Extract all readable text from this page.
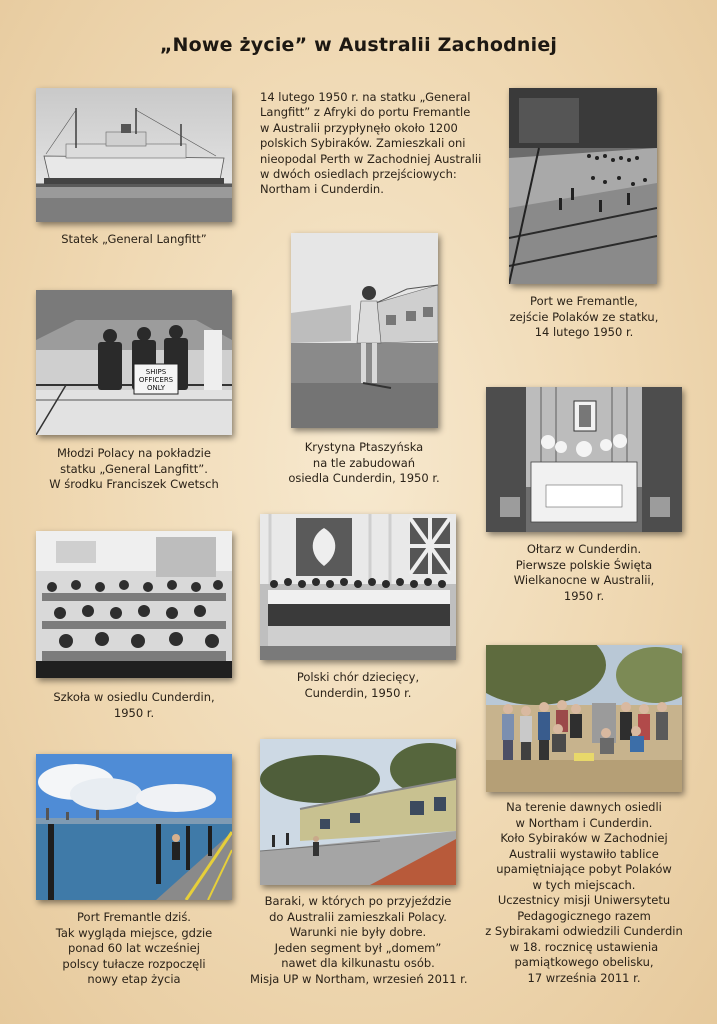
„Nowe życie” w Australii Zachodniej
14 lutego 1950 r. na statku „General
Langfitt” z Afryki do portu Fremantle
w Australii przypłynęło około 1200
polskich Sybiraków. Zamieszkali oni
nieopodal Perth w Zachodniej Australii
w dwóch osiedlach przejściowych:
Northam i Cunderdin.
Statek „General Langfitt”
Port we Fremantle,
zejście Polaków ze statku,
14 lutego 1950 r.
SHIPS
OFFICERS
ONLY
Młodzi Polacy na pokładzie
statku „General Langfitt”.
W środku Franciszek Cwetsch
Krystyna Ptaszyńska
na tle zabudowań
osiedla Cunderdin, 1950 r.
Ołtarz w Cunderdin.
Pierwsze polskie Święta
Wielkanocne w Australii,
1950 r.
Szkoła w osiedlu Cunderdin,
1950 r.
Polski chór dziecięcy,
Cunderdin, 1950 r.
Na terenie dawnych osiedli
w Northam i Cunderdin.
Koło Sybiraków w Zachodniej
Australii wystawiło tablice
upamiętniające pobyt Polaków
w tych miejscach.
Uczestnicy misji Uniwersytetu
Pedagogicznego razem
z Sybirakami odwiedzili Cunderdin
w 18. rocznicę ustawienia
pamiątkowego obelisku,
17 września 2011 r.
Port Fremantle dziś.
Tak wygląda miejsce, gdzie
ponad 60 lat wcześniej
polscy tułacze rozpoczęli
nowy etap życia
Baraki, w których po przyjeździe
do Australii zamieszkali Polacy.
Warunki nie były dobre.
Jeden segment był „domem”
nawet dla kilkunastu osób.
Misja UP w Northam, wrzesień 2011 r.
